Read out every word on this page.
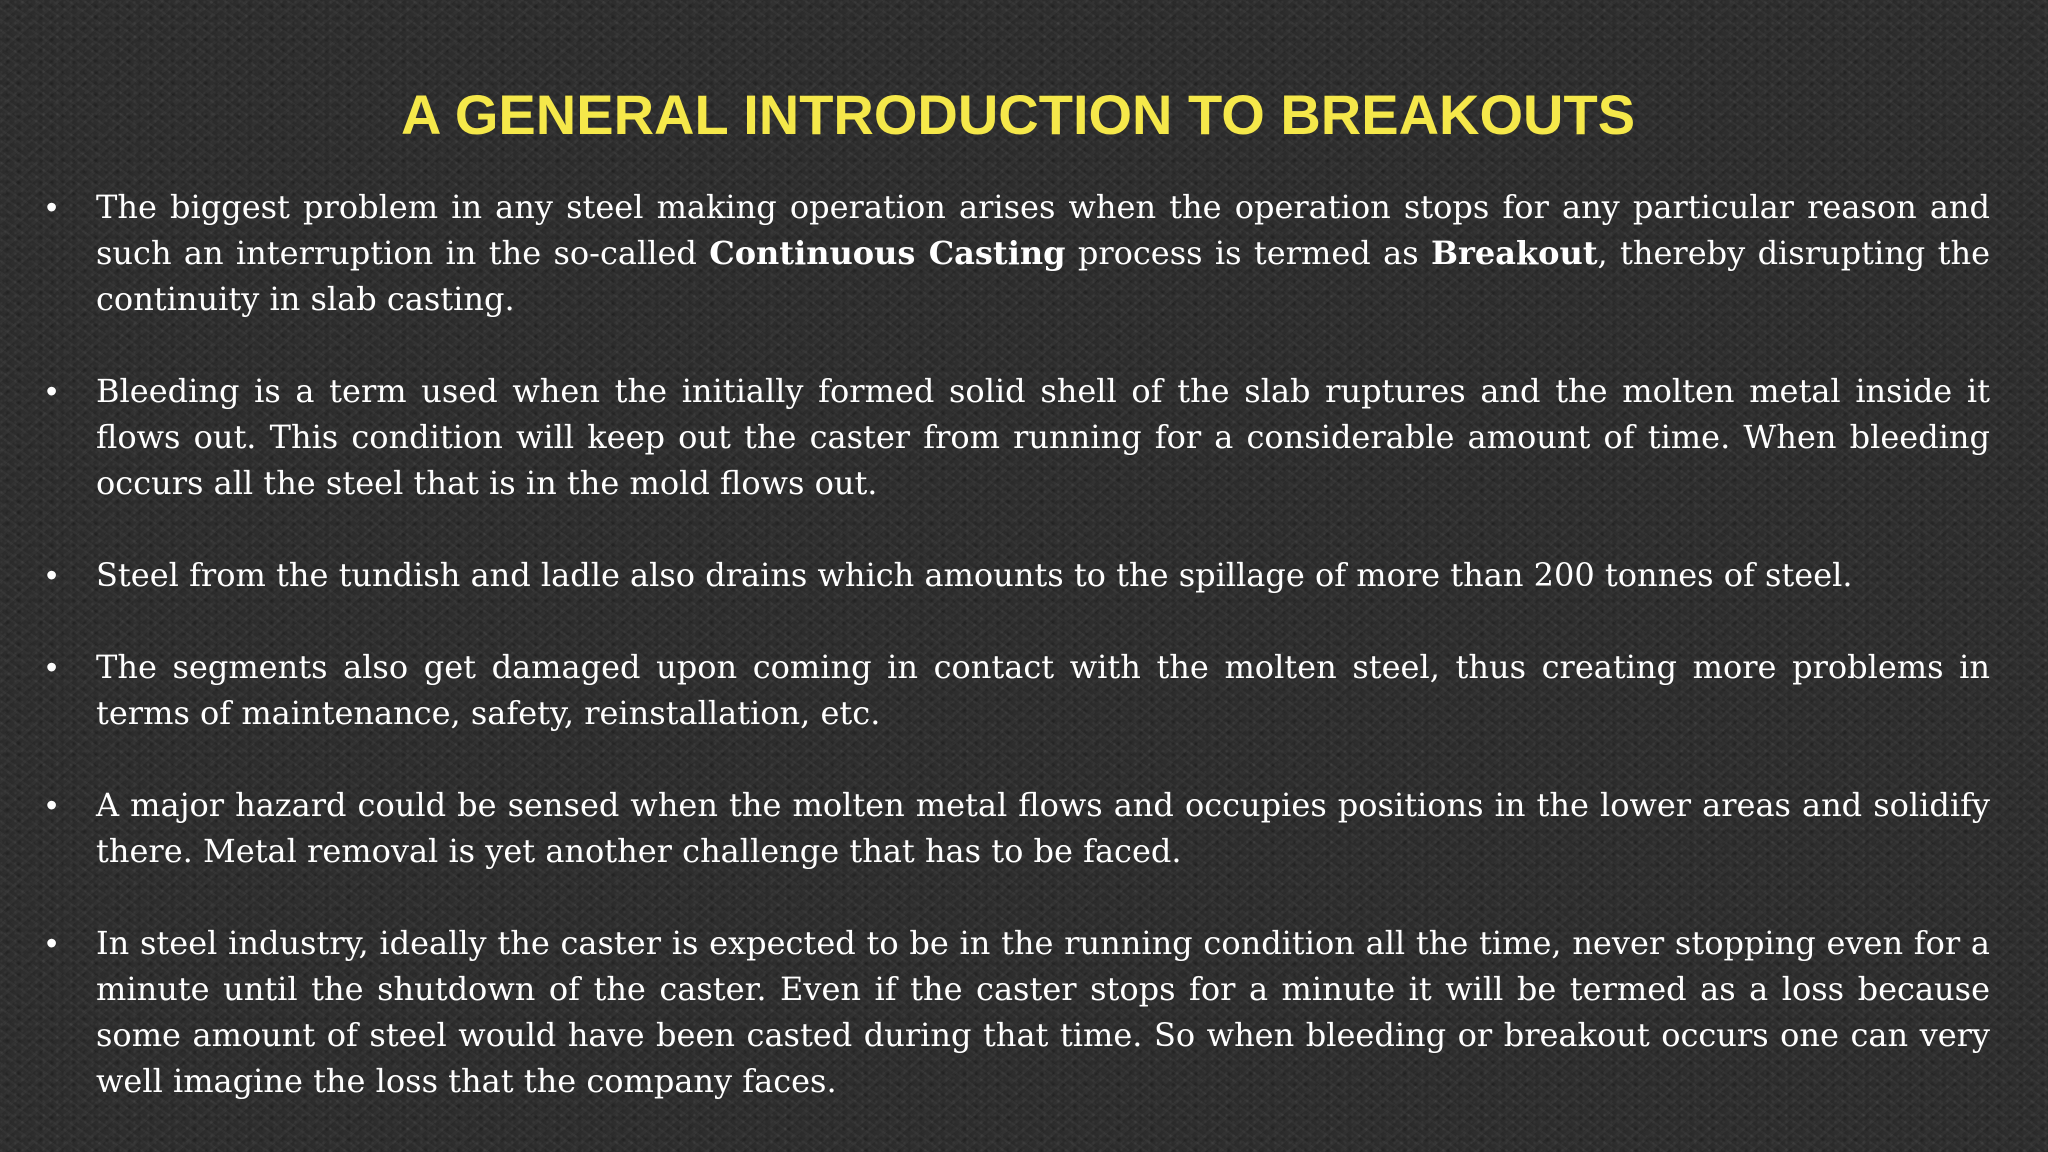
A GENERAL INTRODUCTION TO BREAKOUTS
• The biggest problem in any steel making operation arises when the operation stops for any particular reason and such an interruption in the so-called Continuous Casting process is termed as Breakout, thereby disrupting the continuity in slab casting.
• Bleeding is a term used when the initially formed solid shell of the slab ruptures and the molten metal inside it flows out. This condition will keep out the caster from running for a considerable amount of time. When bleeding occurs all the steel that is in the mold flows out.
• Steel from the tundish and ladle also drains which amounts to the spillage of more than 200 tonnes of steel.
• The segments also get damaged upon coming in contact with the molten steel, thus creating more problems in terms of maintenance, safety, reinstallation, etc.
• A major hazard could be sensed when the molten metal flows and occupies positions in the lower areas and solidify there. Metal removal is yet another challenge that has to be faced.
• In steel industry, ideally the caster is expected to be in the running condition all the time, never stopping even for a minute until the shutdown of the caster. Even if the caster stops for a minute it will be termed as a loss because some amount of steel would have been casted during that time. So when bleeding or breakout occurs one can very well imagine the loss that the company faces.
